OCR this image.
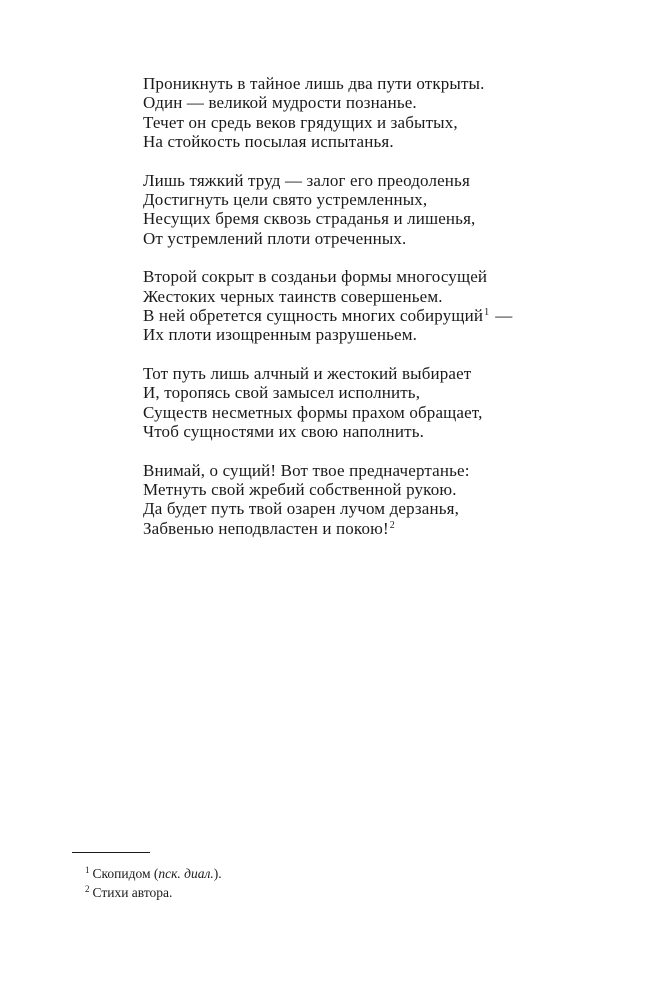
Проникнуть в тайное лишь два пути открыты.
Один — великой мудрости познанье.
Течет он средь веков грядущих и забытых,
На стойкость посылая испытанья.
Лишь тяжкий труд — залог его преодоленья
Достигнуть цели свято устремленных,
Несущих бремя сквозь страданья и лишенья,
От устремлений плоти отреченных.
Второй сокрыт в созданьи формы многосущей
Жестоких черных таинств совершеньем.
В ней обретется сущность многих собирущий$^1$ —
Их плоти изощренным разрушеньем.
Тот путь лишь алчный и жестокий выбирает
И, торопясь свой замысел исполнить,
Существ несметных формы прахом обращает,
Чтоб сущностями их свою наполнить.
Внимай, о сущий! Вот твое предначертанье:
Метнуть свой жребий собственной рукою.
Да будет путь твой озарен лучом дерзанья,
Забвенью неподвластен и покою!$^2$
$^1$ Скопидом (пск. диал.).
$^2$ Стихи автора.
